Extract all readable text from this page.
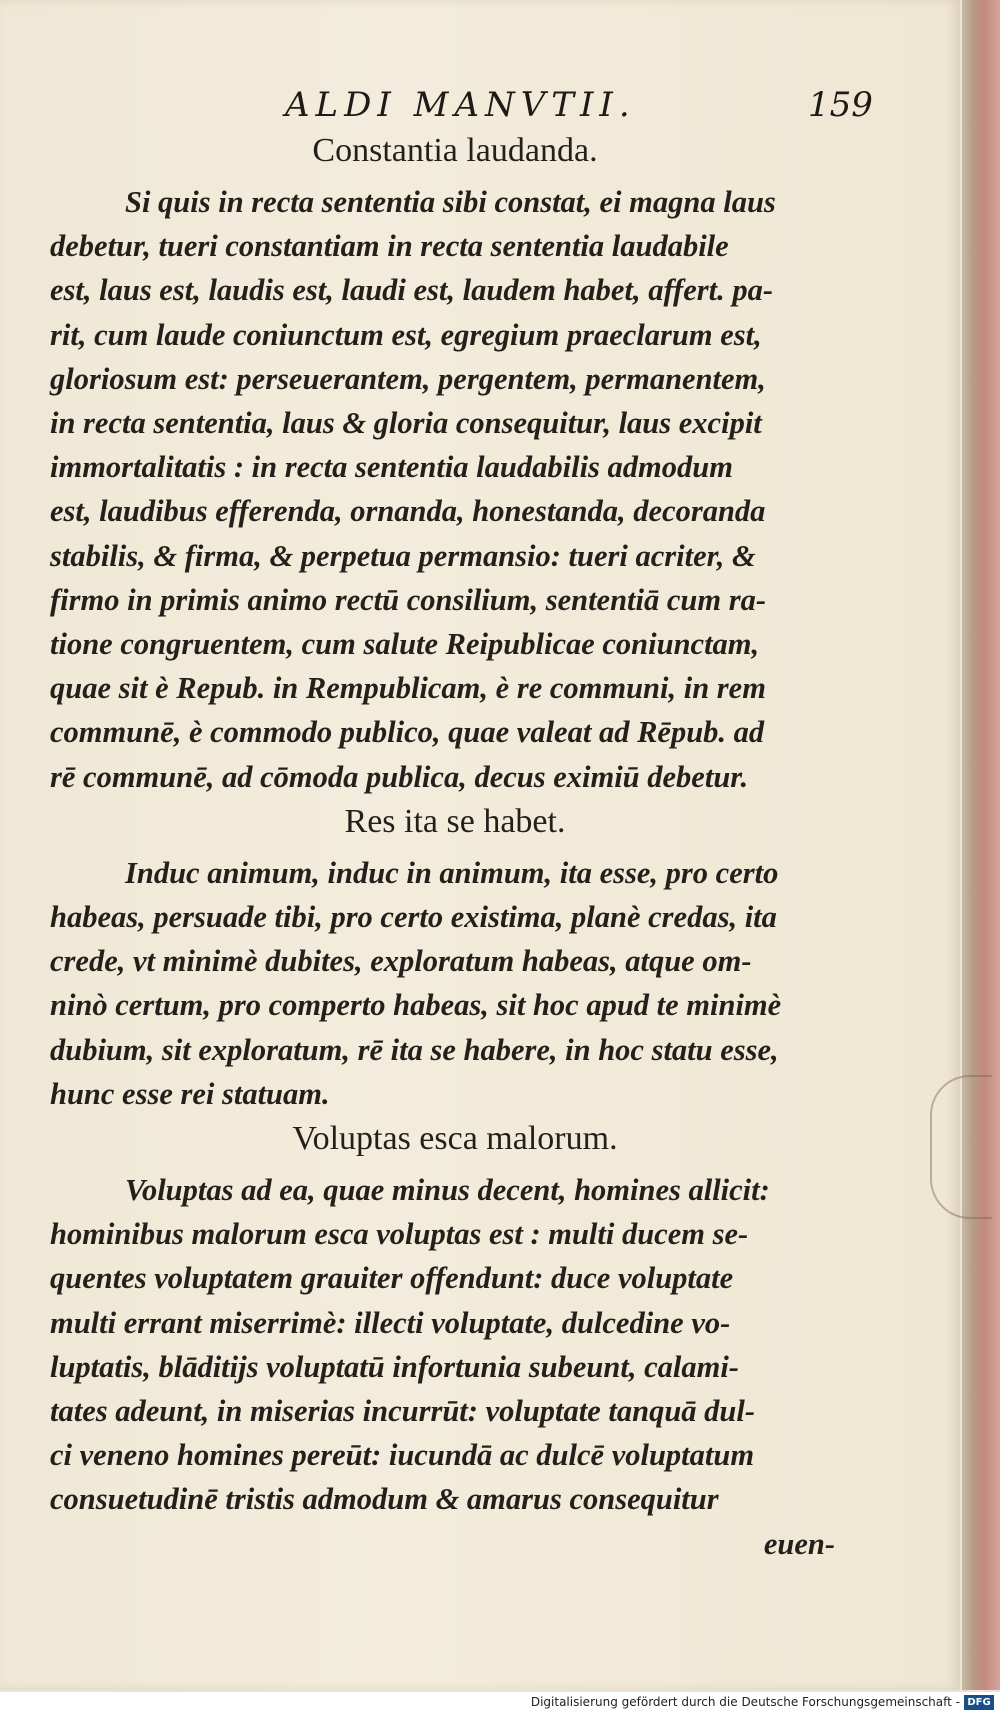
ALDI MANVTII.	159
Constantia laudanda.
Si quis in recta sententia sibi constat, ei magna laus
debetur, tueri constantiam in recta sententia laudabile
est, laus est, laudis est, laudi est, laudem habet, affert. pa-
rit, cum laude coniunctum est, egregium praeclarum est,
gloriosum est: perseuerantem, pergentem, permanentem,
in recta sententia, laus & gloria consequitur, laus excipit
immortalitatis : in recta sententia laudabilis admodum
est, laudibus efferenda, ornanda, honestanda, decoranda
stabilis, & firma, & perpetua permansio: tueri acriter, &
firmo in primis animo rectū consilium, sententiā cum ra-
tione congruentem, cum salute Reipublicae coniunctam,
quae sit è Repub. in Rempublicam, è re communi, in rem
communē, è commodo publico, quae valeat ad Rēpub. ad
rē communē, ad cōmoda publica, decus eximiū debetur.
Res ita se habet.
Induc animum, induc in animum, ita esse, pro certo
habeas, persuade tibi, pro certo existima, planè credas, ita
crede, vt minimè dubites, exploratum habeas, atque om-
ninò certum, pro comperto habeas, sit hoc apud te minimè
dubium, sit exploratum, rē ita se habere, in hoc statu esse,
hunc esse rei statuam.
Voluptas esca malorum.
Voluptas ad ea, quae minus decent, homines allicit:
hominibus malorum esca voluptas est : multi ducem se-
quentes voluptatem grauiter offendunt: duce voluptate
multi errant miserrimè: illecti voluptate, dulcedine vo-
luptatis, blāditijs voluptatū infortunia subeunt, calami-
tates adeunt, in miserias incurrūt: voluptate tanquā dul-
ci veneno homines pereūt: iucundā ac dulcē voluptatum
consuetudinē tristis admodum & amarus consequitur
euen-
Digitalisierung gefördert durch die Deutsche Forschungsgemeinschaft - DFG
